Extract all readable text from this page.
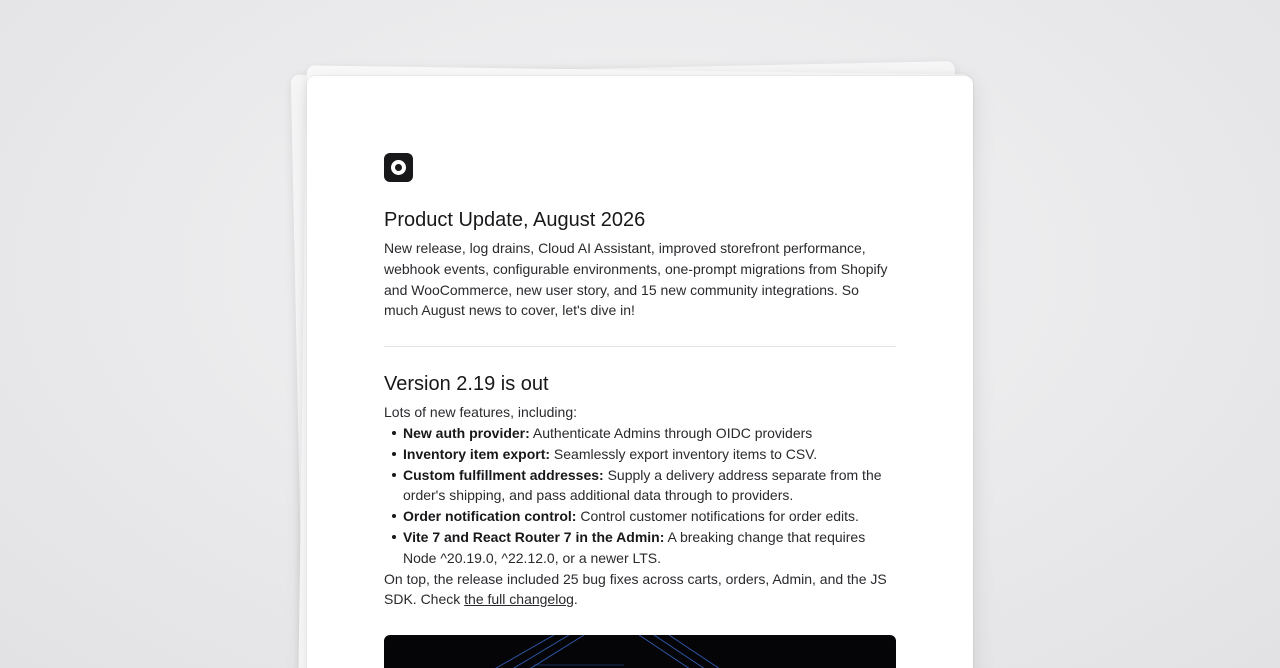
Product Update, August 2026

New release, log drains, Cloud AI Assistant, improved storefront performance, webhook events, configurable environments, one-prompt migrations from Shopify and WooCommerce, new user story, and 15 new community integrations. So much August news to cover, let's dive in!

Version 2.19 is out

Lots of new features, including:

New auth provider: Authenticate Admins through OIDC providers
Inventory item export: Seamlessly export inventory items to CSV.
Custom fulfillment addresses: Supply a delivery address separate from the order's shipping, and pass additional data through to providers.
Order notification control: Control customer notifications for order edits.
Vite 7 and React Router 7 in the Admin: A breaking change that requires Node ^20.19.0, ^22.12.0, or a newer LTS.

On top, the release included 25 bug fixes across carts, orders, Admin, and the JS SDK. Check the full changelog.
